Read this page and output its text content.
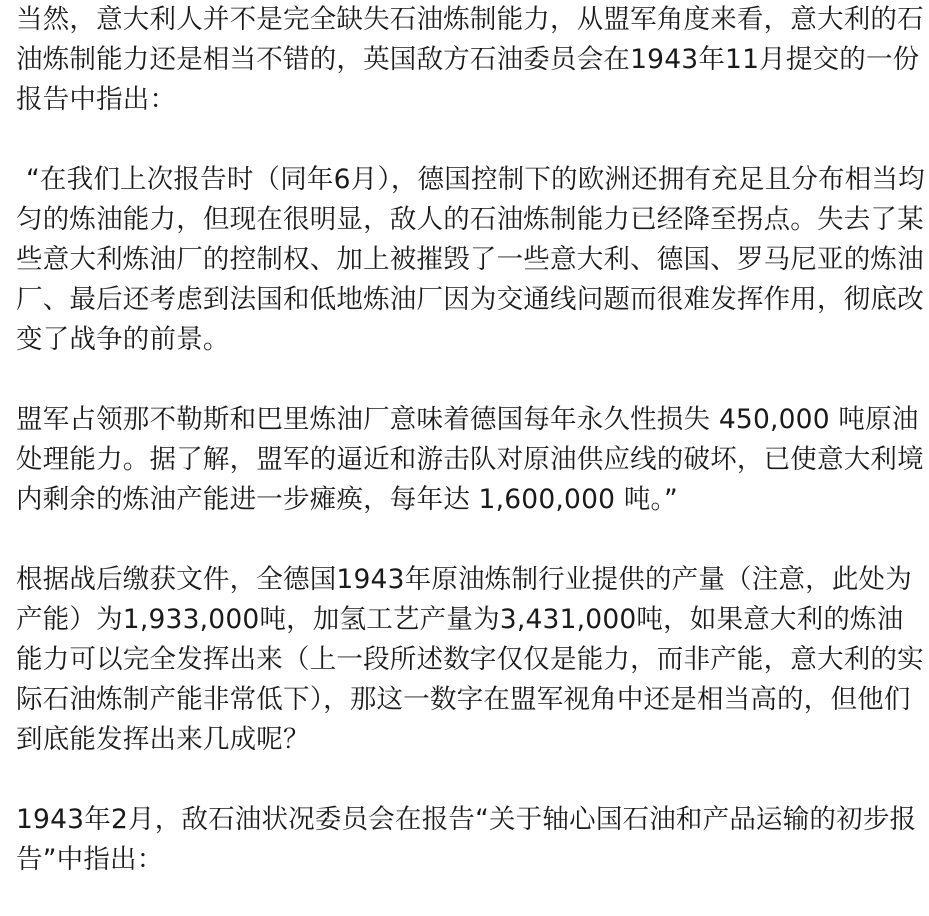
当然，意大利人并不是完全缺失石油炼制能力，从盟军角度来看，意大利的石油炼制能力还是相当不错的，英国敌方石油委员会在1943年11月提交的一份报告中指出：

“在我们上次报告时（同年6月），德国控制下的欧洲还拥有充足且分布相当均匀的炼油能力，但现在很明显，敌人的石油炼制能力已经降至拐点。失去了某些意大利炼油厂的控制权、加上被摧毁了一些意大利、德国、罗马尼亚的炼油厂、最后还考虑到法国和低地炼油厂因为交通线问题而很难发挥作用，彻底改变了战争的前景。

盟军占领那不勒斯和巴里炼油厂意味着德国每年永久性损失 450,000 吨原油处理能力。据了解，盟军的逼近和游击队对原油供应线的破坏，已使意大利境内剩余的炼油产能进一步瘫痪，每年达 1,600,000 吨。”

根据战后缴获文件，全德国1943年原油炼制行业提供的产量（注意，此处为产能）为1,933,000吨，加氢工艺产量为3,431,000吨，如果意大利的炼油能力可以完全发挥出来（上一段所述数字仅仅是能力，而非产能，意大利的实际石油炼制产能非常低下），那这一数字在盟军视角中还是相当高的，但他们到底能发挥出来几成呢？

1943年2月，敌石油状况委员会在报告“关于轴心国石油和产品运输的初步报告”中指出：
